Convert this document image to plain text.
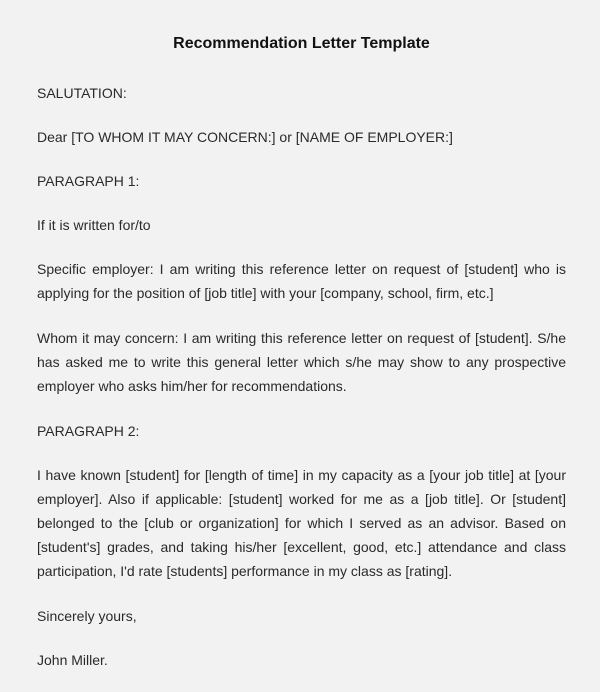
Recommendation Letter Template

SALUTATION:

Dear [TO WHOM IT MAY CONCERN:] or [NAME OF EMPLOYER:]

PARAGRAPH 1:

If it is written for/to

Specific employer: I am writing this reference letter on request of [student] who is applying for the position of [job title] with your [company, school, firm, etc.]

Whom it may concern: I am writing this reference letter on request of [student]. S/he has asked me to write this general letter which s/he may show to any prospective employer who asks him/her for recommendations.

PARAGRAPH 2:

I have known [student] for [length of time] in my capacity as a [your job title] at [your employer]. Also if applicable: [student] worked for me as a [job title]. Or [student] belonged to the [club or organization] for which I served as an advisor. Based on [student's] grades, and taking his/her [excellent, good, etc.] attendance and class participation, I'd rate [students] performance in my class as [rating].

Sincerely yours,

John Miller.
